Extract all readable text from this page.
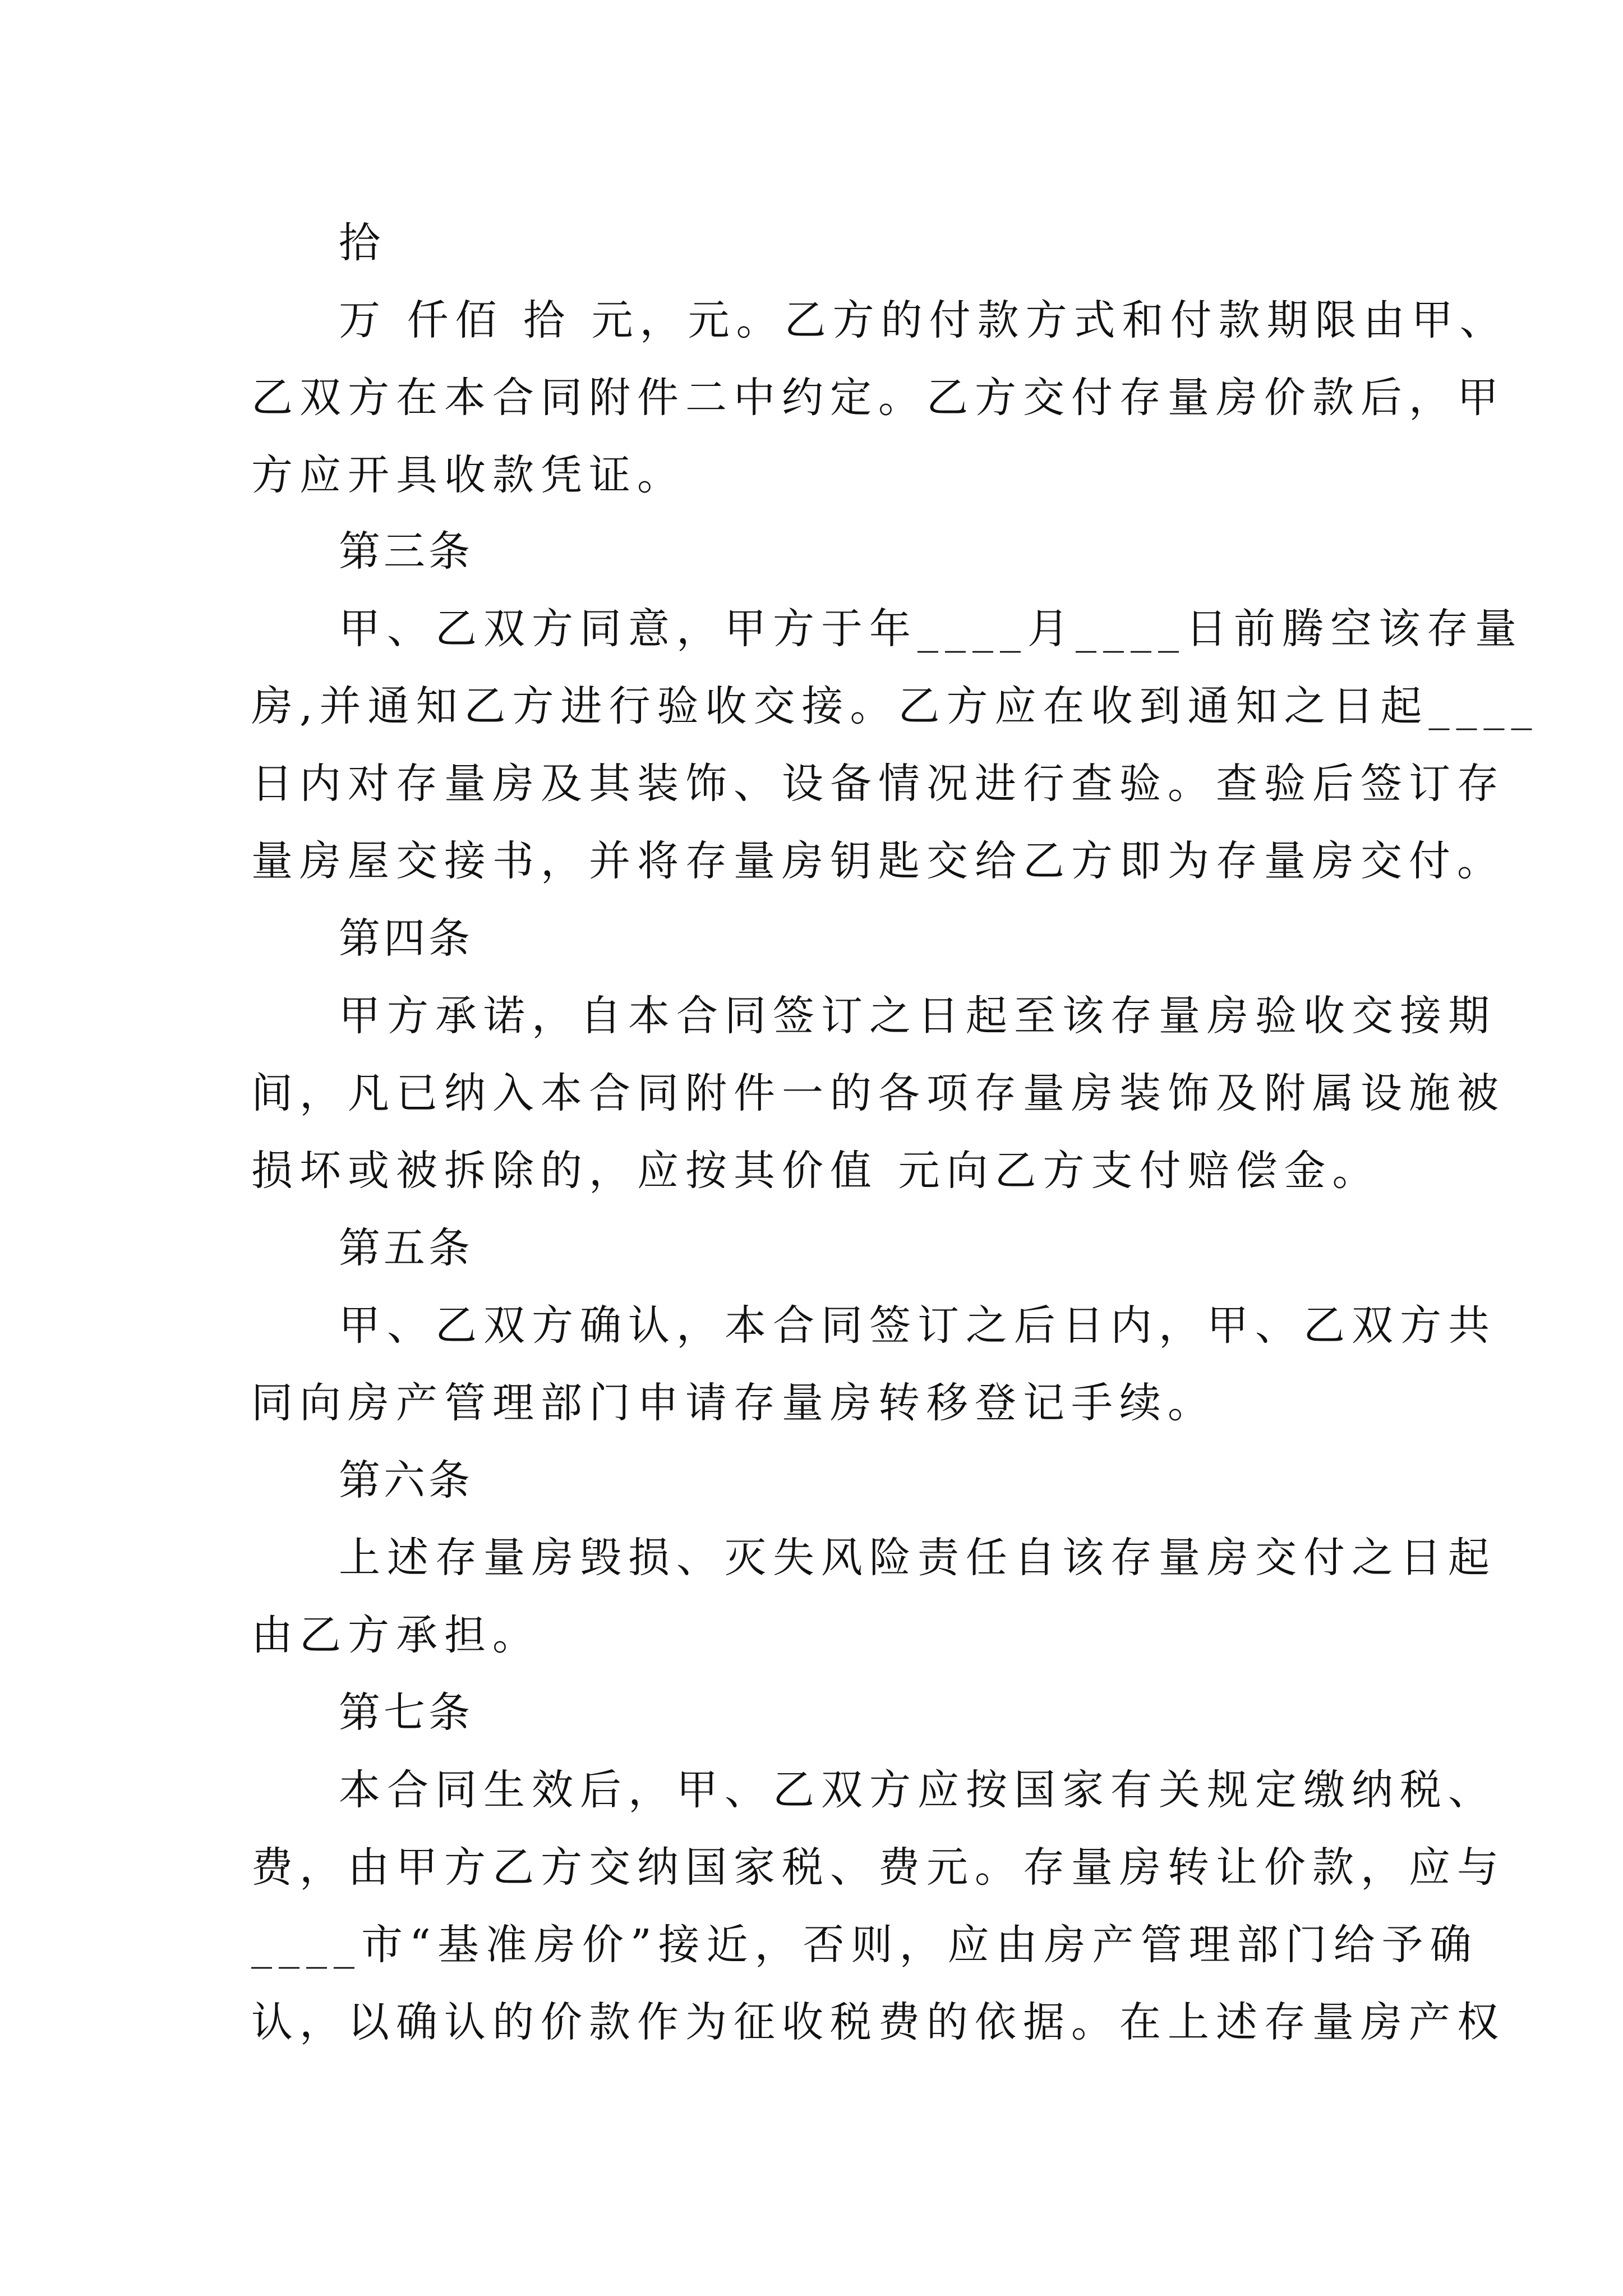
拾
万 仟佰 拾 元，元。乙方的付款方式和付款期限由甲、
乙双方在本合同附件二中约定。乙方交付存量房价款后，甲
方应开具收款凭证。
第三条
甲、乙双方同意，甲方于年____月____日前腾空该存量
房,并通知乙方进行验收交接。乙方应在收到通知之日起____
日内对存量房及其装饰、设备情况进行查验。查验后签订存
量房屋交接书，并将存量房钥匙交给乙方即为存量房交付。
第四条
甲方承诺，自本合同签订之日起至该存量房验收交接期
间，凡已纳入本合同附件一的各项存量房装饰及附属设施被
损坏或被拆除的，应按其价值 元向乙方支付赔偿金。
第五条
甲、乙双方确认，本合同签订之后日内，甲、乙双方共
同向房产管理部门申请存量房转移登记手续。
第六条
上述存量房毁损、灭失风险责任自该存量房交付之日起
由乙方承担。
第七条
本合同生效后，甲、乙双方应按国家有关规定缴纳税、
费，由甲方乙方交纳国家税、费元。存量房转让价款，应与
____市“基准房价”接近，否则，应由房产管理部门给予确
认，以确认的价款作为征收税费的依据。在上述存量房产权
